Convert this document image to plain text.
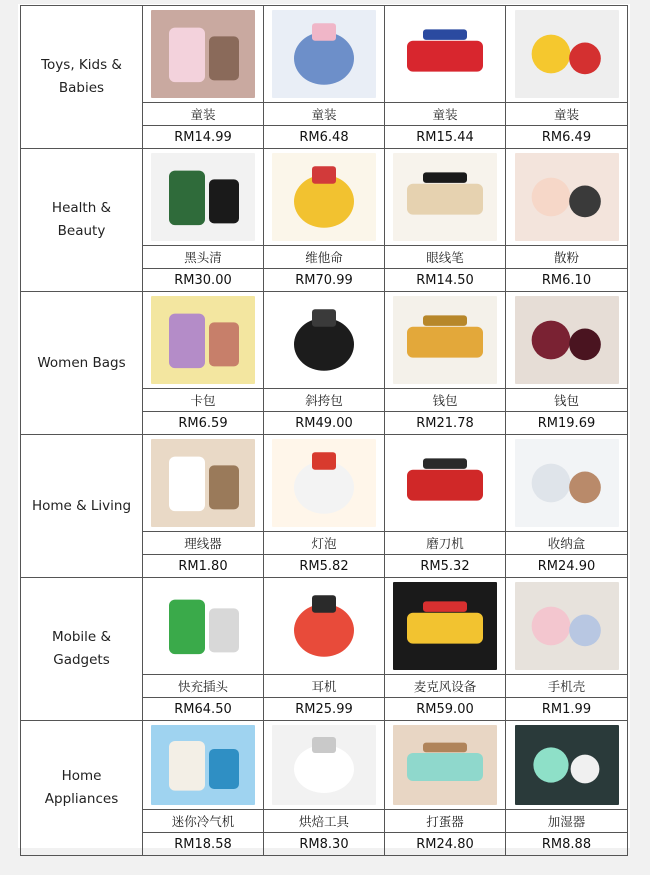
Toys, Kids &
Babies

	童装	童装	童装	童装
	RM14.99	RM6.48	RM15.44	RM6.49

Health &
Beauty

	黑头清	维他命	眼线笔	散粉
	RM30.00	RM70.99	RM14.50	RM6.10

Women Bags

	卡包	斜挎包	钱包	钱包
	RM6.59	RM49.00	RM21.78	RM19.69

Home & Living

	理线器	灯泡	磨刀机	收纳盒
	RM1.80	RM5.82	RM5.32	RM24.90

Mobile &
Gadgets

	快充插头	耳机	麦克风设备	手机壳
	RM64.50	RM25.99	RM59.00	RM1.99

Home
Appliances

	迷你冷气机	烘焙工具	打蛋器	加湿器
	RM18.58	RM8.30	RM24.80	RM8.88
